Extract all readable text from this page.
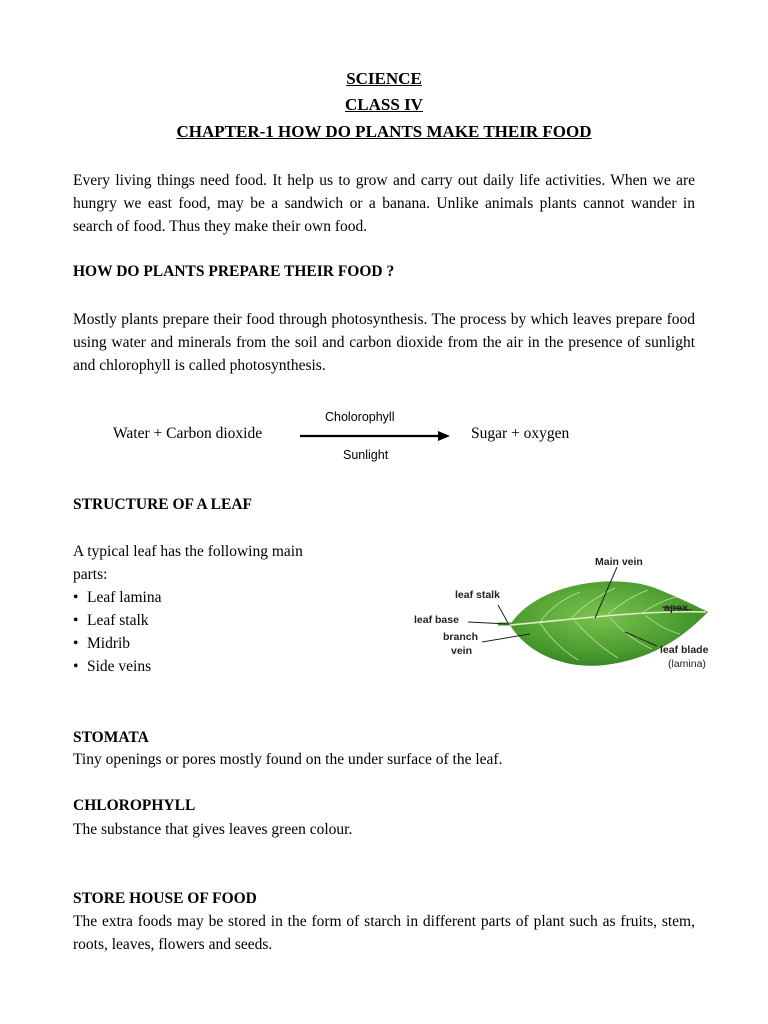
SCIENCE
CLASS IV
CHAPTER-1 HOW DO PLANTS MAKE THEIR FOOD
Every living things need food. It help us to grow and carry out daily life activities. When we are hungry we east food, may be a sandwich or a banana. Unlike animals plants cannot wander in search of food. Thus they make their own food.
HOW DO PLANTS PREPARE THEIR FOOD ?
Mostly plants prepare their food through photosynthesis. The process by which leaves prepare food using water and minerals from the soil and carbon dioxide from the air in the presence of sunlight and chlorophyll is called photosynthesis.
Water + Carbon dioxide
Cholorophyll
Sunlight
Sugar + oxygen
STRUCTURE OF A LEAF
A typical leaf has the following main
parts:
• Leaf lamina
• Leaf stalk
• Midrib
• Side veins
Main vein
leaf stalk
apex
leaf base
branch
vein	leaf blade
(lamina)
STOMATA
Tiny openings or pores mostly found on the under surface of the leaf.
CHLOROPHYLL
The substance that gives leaves green colour.
STORE HOUSE OF FOOD
The extra foods may be stored in the form of starch in different parts of plant such as fruits, stem, roots, leaves, flowers and seeds.
